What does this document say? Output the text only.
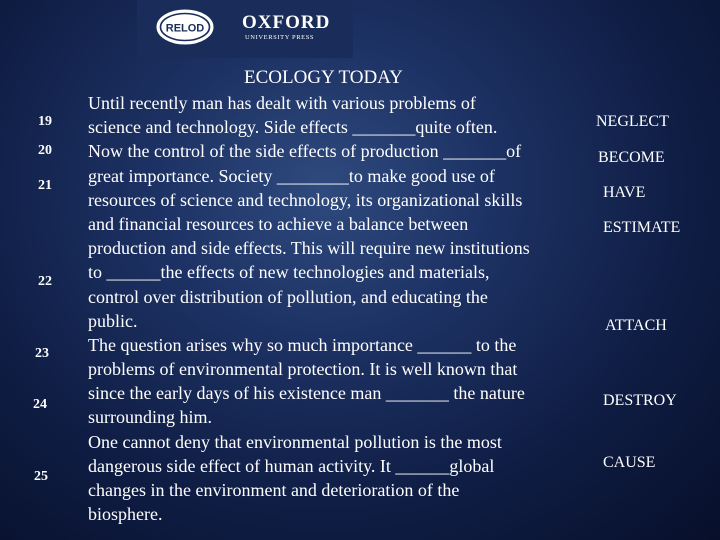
RELOD OXFORD
UNIVERSITY PRESS
ECOLOGY TODAY
Until recently man has dealt with various problems of
science and technology. Side effects _______quite often.
Now the control of the side effects of production _______of
great importance. Society ________to make good use of
resources of science and technology, its organizational skills
and financial resources to achieve a balance between
production and side effects. This will require new institutions
to ______the effects of new technologies and materials,
control over distribution of pollution, and educating the
public.
The question arises why so much importance ______ to the
problems of environmental protection. It is well known that
since the early days of his existence man _______ the nature
surrounding him.
One cannot deny that environmental pollution is the most
dangerous side effect of human activity. It ______global
changes in the environment and deterioration of the
biosphere.
19
20
21
22
23
24
25
NEGLECT
BECOME
HAVE
ESTIMATE
ATTACH
DESTROY
CAUSE
